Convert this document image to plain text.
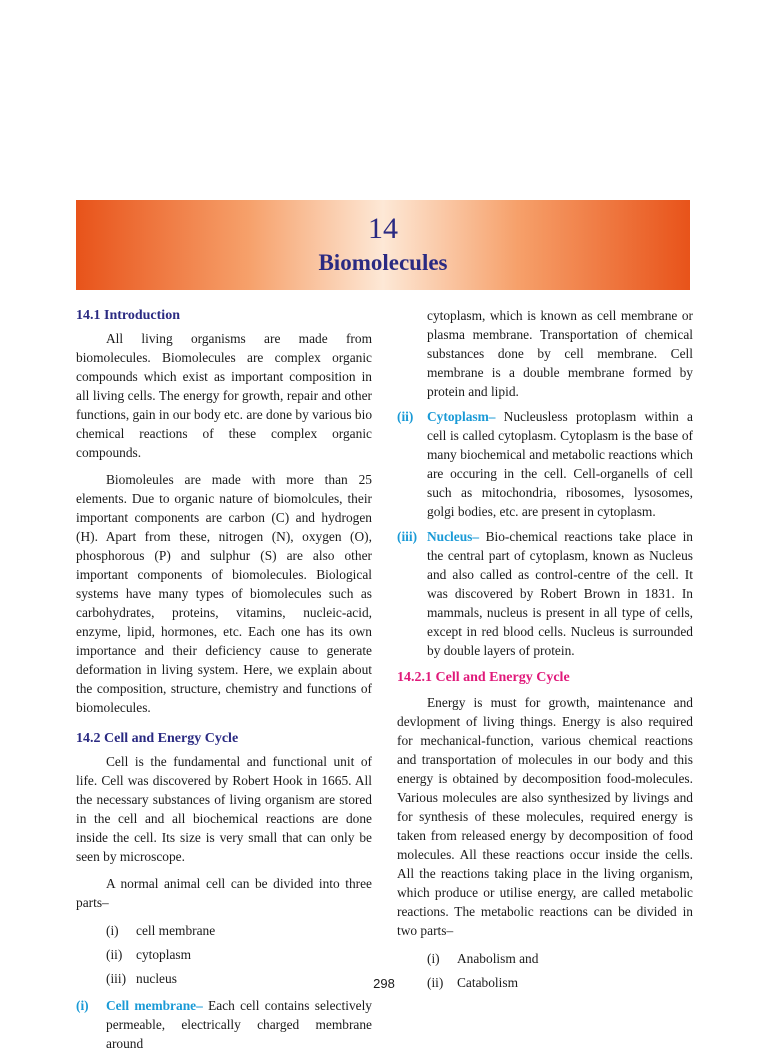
14
Biomolecules
14.1 Introduction

All living organisms are made from biomolecules. Biomolecules are complex organic compounds which exist as important composition in all living cells. The energy for growth, repair and other functions, gain in our body etc. are done by various bio chemical reactions of these complex organic compounds.

Biomoleules are made with more than 25 elements. Due to organic nature of biomolcules, their important components are carbon (C) and hydrogen (H). Apart from these, nitrogen (N), oxygen (O), phosphorous (P) and sulphur (S) are also other important components of biomolecules. Biological systems have many types of biomolecules such as carbohydrates, proteins, vitamins, nucleic-acid, enzyme, lipid, hormones, etc. Each one has its own importance and their deficiency cause to generate deformation in living system. Here, we explain about the composition, structure, chemistry and functions of biomolecules.

14.2 Cell and Energy Cycle

Cell is the fundamental and functional unit of life. Cell was discovered by Robert Hook in 1665. All the necessary substances of living organism are stored in the cell and all biochemical reactions are done inside the cell. Its size is very small that can only be seen by microscope.

A normal animal cell can be divided into three parts–

(i)	cell membrane
(ii)	cytoplasm
(iii) nucleus
(i)	Cell membrane– Each cell contains selectively permeable, electrically charged membrane around

cytoplasm, which is known as cell membrane or plasma membrane. Transportation of chemical substances done by cell membrane. Cell membrane is a double membrane formed by protein and lipid.

(ii)	Cytoplasm– Nucleusless protoplasm within a cell is called cytoplasm. Cytoplasm is the base of many biochemical and metabolic reactions which are occuring in the cell. Cell-organells of cell such as mitochondria, ribosomes, lysosomes, golgi bodies, etc. are present in cytoplasm.

(iii) Nucleus– Bio-chemical reactions take place in the central part of cytoplasm, known as Nucleus and also called as control-centre of the cell. It was discovered by Robert Brown in 1831. In mammals, nucleus is present in all type of cells, except in red blood cells. Nucleus is surrounded by double layers of protein.

14.2.1 Cell and Energy Cycle

Energy is must for growth, maintenance and devlopment of living things. Energy is also required for mechanical-function, various chemical reactions and transportation of molecules in our body and this energy is obtained by decomposition food-molecules. Various molecules are also synthesized by livings and for synthesis of these molecules, required energy is taken from released energy by decomposition of food molecules. All these reactions occur inside the cells. All the reactions taking place in the living organism, which produce or utilise energy, are called metabolic reactions. The metabolic reactions can be divided in two parts–

(i)	Anabolism and
(ii)	Catabolism
298
